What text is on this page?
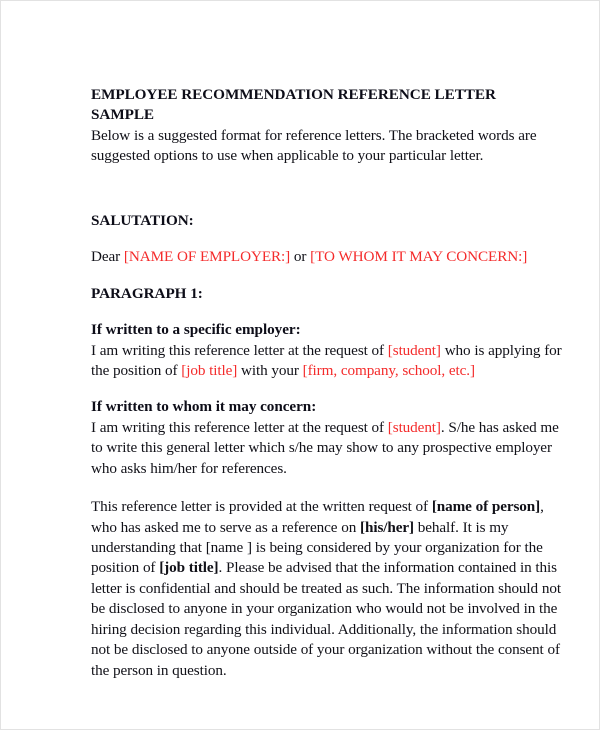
EMPLOYEE RECOMMENDATION REFERENCE LETTER
SAMPLE

Below is a suggested format for reference letters. The bracketed words are suggested options to use when applicable to your particular letter.

SALUTATION:

Dear [NAME OF EMPLOYER:] or [TO WHOM IT MAY CONCERN:]

PARAGRAPH 1:
If written to a specific employer:

I am writing this reference letter at the request of [student] who is applying for the position of [job title] with your [firm, company, school, etc.]

If written to whom it may concern:

I am writing this reference letter at the request of [student]. S/he has asked me to write this general letter which s/he may show to any prospective employer who asks him/her for references.

This reference letter is provided at the written request of [name of person], who has asked me to serve as a reference on [his/her] behalf. It is my understanding that [name ] is being considered by your organization for the position of [job title]. Please be advised that the information contained in this letter is confidential and should be treated as such. The information should not be disclosed to anyone in your organization who would not be involved in the hiring decision regarding this individual. Additionally, the information should not be disclosed to anyone outside of your organization without the consent of the person in question.
